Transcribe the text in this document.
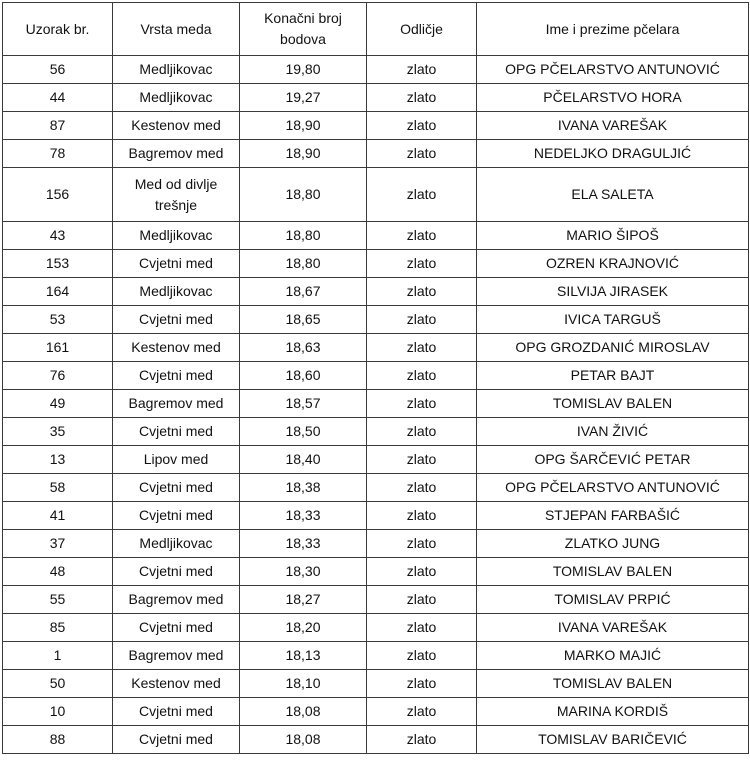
Uzorak br.	Vrsta meda	Konačni broj bodova	Odličje	Ime i prezime pčelara
56	Medljikovac	19,80	zlato	OPG PČELARSTVO ANTUNOVIĆ
44	Medljikovac	19,27	zlato	PČELARSTVO HORA
87	Kestenov med	18,90	zlato	IVANA VAREŠAK
78	Bagremov med	18,90	zlato	NEDELJKO DRAGULJIĆ
156	Med od divlje trešnje	18,80	zlato	ELA SALETA
43	Medljikovac	18,80	zlato	MARIO ŠIPOŠ
153	Cvjetni med	18,80	zlato	OZREN KRAJNOVIĆ
164	Medljikovac	18,67	zlato	SILVIJA JIRASEK
53	Cvjetni med	18,65	zlato	IVICA TARGUŠ
161	Kestenov med	18,63	zlato	OPG GROZDANIĆ MIROSLAV
76	Cvjetni med	18,60	zlato	PETAR BAJT
49	Bagremov med	18,57	zlato	TOMISLAV BALEN
35	Cvjetni med	18,50	zlato	IVAN ŽIVIĆ
13	Lipov med	18,40	zlato	OPG ŠARČEVIĆ PETAR
58	Cvjetni med	18,38	zlato	OPG PČELARSTVO ANTUNOVIĆ
41	Cvjetni med	18,33	zlato	STJEPAN FARBAŠIĆ
37	Medljikovac	18,33	zlato	ZLATKO JUNG
48	Cvjetni med	18,30	zlato	TOMISLAV BALEN
55	Bagremov med	18,27	zlato	TOMISLAV PRPIĆ
85	Cvjetni med	18,20	zlato	IVANA VAREŠAK
1	Bagremov med	18,13	zlato	MARKO MAJIĆ
50	Kestenov med	18,10	zlato	TOMISLAV BALEN
10	Cvjetni med	18,08	zlato	MARINA KORDIŠ
88	Cvjetni med	18,08	zlato	TOMISLAV BARIČEVIĆ
